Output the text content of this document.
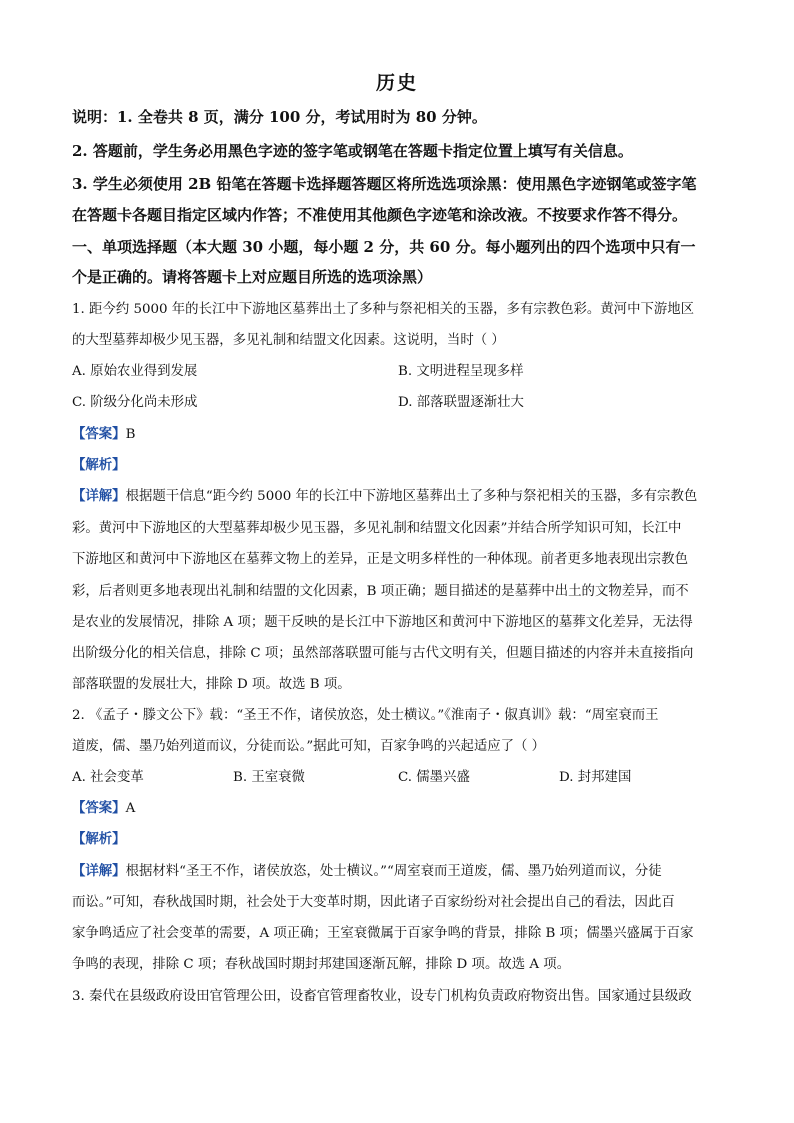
历史
说明：1. 全卷共 8 页，满分 100 分，考试用时为 80 分钟。
2. 答题前，学生务必用黑色字迹的签字笔或钢笔在答题卡指定位置上填写有关信息。
3. 学生必须使用 2B 铅笔在答题卡选择题答题区将所选选项涂黑：使用黑色字迹钢笔或签字笔
在答题卡各题目指定区域内作答；不准使用其他颜色字迹笔和涂改液。不按要求作答不得分。
一、单项选择题（本大题 30 小题，每小题 2 分，共 60 分。每小题列出的四个选项中只有一
个是正确的。请将答题卡上对应题目所选的选项涂黑）
1. 距今约 5000 年的长江中下游地区墓葬出土了多种与祭祀相关的玉器，多有宗教色彩。黄河中下游地区
的大型墓葬却极少见玉器，多见礼制和结盟文化因素。这说明，当时（ ）
A. 原始农业得到发展	B. 文明进程呈现多样
C. 阶级分化尚未形成	D. 部落联盟逐渐壮大
【答案】B
【解析】
【详解】根据题干信息“距今约 5000 年的长江中下游地区墓葬出土了多种与祭祀相关的玉器，多有宗教色
彩。黄河中下游地区的大型墓葬却极少见玉器，多见礼制和结盟文化因素”并结合所学知识可知，长江中
下游地区和黄河中下游地区在墓葬文物上的差异，正是文明多样性的一种体现。前者更多地表现出宗教色
彩，后者则更多地表现出礼制和结盟的文化因素，B 项正确；题目描述的是墓葬中出土的文物差异，而不
是农业的发展情况，排除 A 项；题干反映的是长江中下游地区和黄河中下游地区的墓葬文化差异，无法得
出阶级分化的相关信息，排除 C 项；虽然部落联盟可能与古代文明有关，但题目描述的内容并未直接指向
部落联盟的发展壮大，排除 D 项。故选 B 项。
2. 《孟子・滕文公下》载：“圣王不作，诸侯放恣，处士横议。”《淮南子・俶真训》载：“周室衰而王
道废，儒、墨乃始列道而议，分徒而讼。”据此可知，百家争鸣的兴起适应了（ ）
A. 社会变革	B. 王室衰微	C. 儒墨兴盛	D. 封邦建国
【答案】A
【解析】
【详解】根据材料“圣王不作，诸侯放恣，处士横议。”“周室衰而王道废，儒、墨乃始列道而议，分徒
而讼。”可知，春秋战国时期，社会处于大变革时期，因此诸子百家纷纷对社会提出自己的看法，因此百
家争鸣适应了社会变革的需要，A 项正确；王室衰微属于百家争鸣的背景，排除 B 项；儒墨兴盛属于百家
争鸣的表现，排除 C 项；春秋战国时期封邦建国逐渐瓦解，排除 D 项。故选 A 项。
3. 秦代在县级政府设田官管理公田，设畜官管理畜牧业，设专门机构负责政府物资出售。国家通过县级政
